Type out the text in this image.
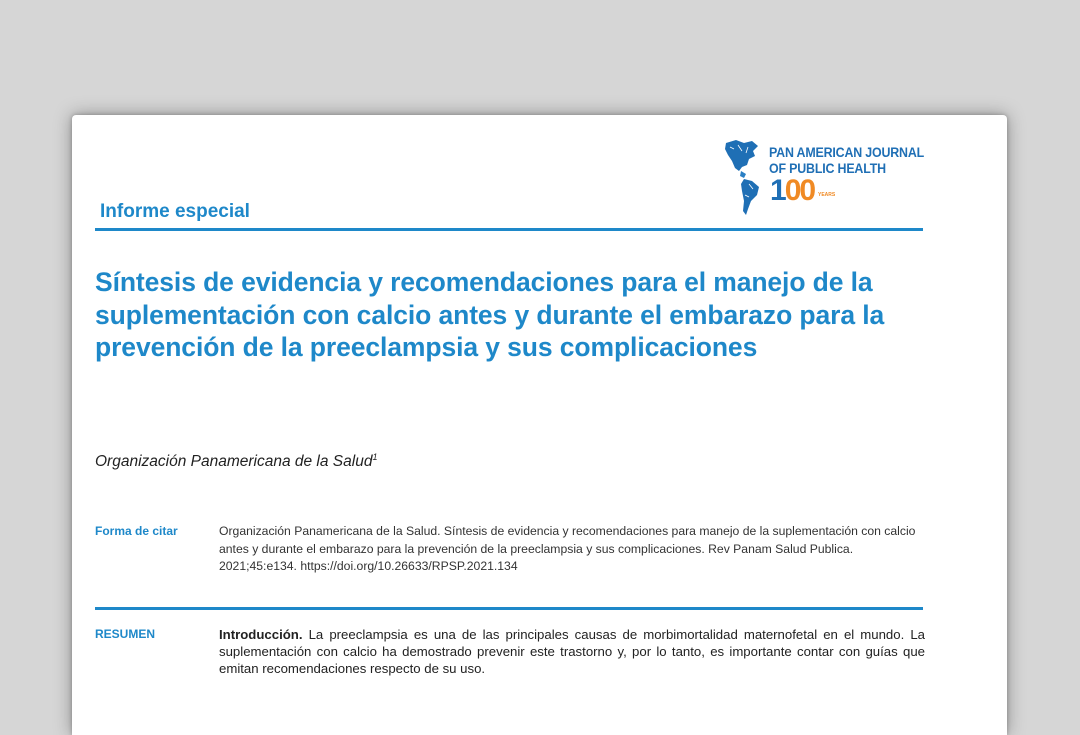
PAN AMERICAN JOURNAL
OF PUBLIC HEALTH
100 YEARS
Informe especial
Síntesis de evidencia y recomendaciones para el manejo de la suplementación con calcio antes y durante el embarazo para la prevención de la preeclampsia y sus complicaciones
Organización Panamericana de la Salud$^1$
Forma de citar	Organización Panamericana de la Salud. Síntesis de evidencia y recomendaciones para manejo de la suplementación con calcio antes y durante el embarazo para la prevención de la preeclampsia y sus complicaciones. Rev Panam Salud Publica. 2021;45:e134. https://doi.org/10.26633/RPSP.2021.134
RESUMEN	Introducción. La preeclampsia es una de las principales causas de morbimortalidad maternofetal en el mundo. La suplementación con calcio ha demostrado prevenir este trastorno y, por lo tanto, es importante contar con guías que emitan recomendaciones respecto de su uso.
